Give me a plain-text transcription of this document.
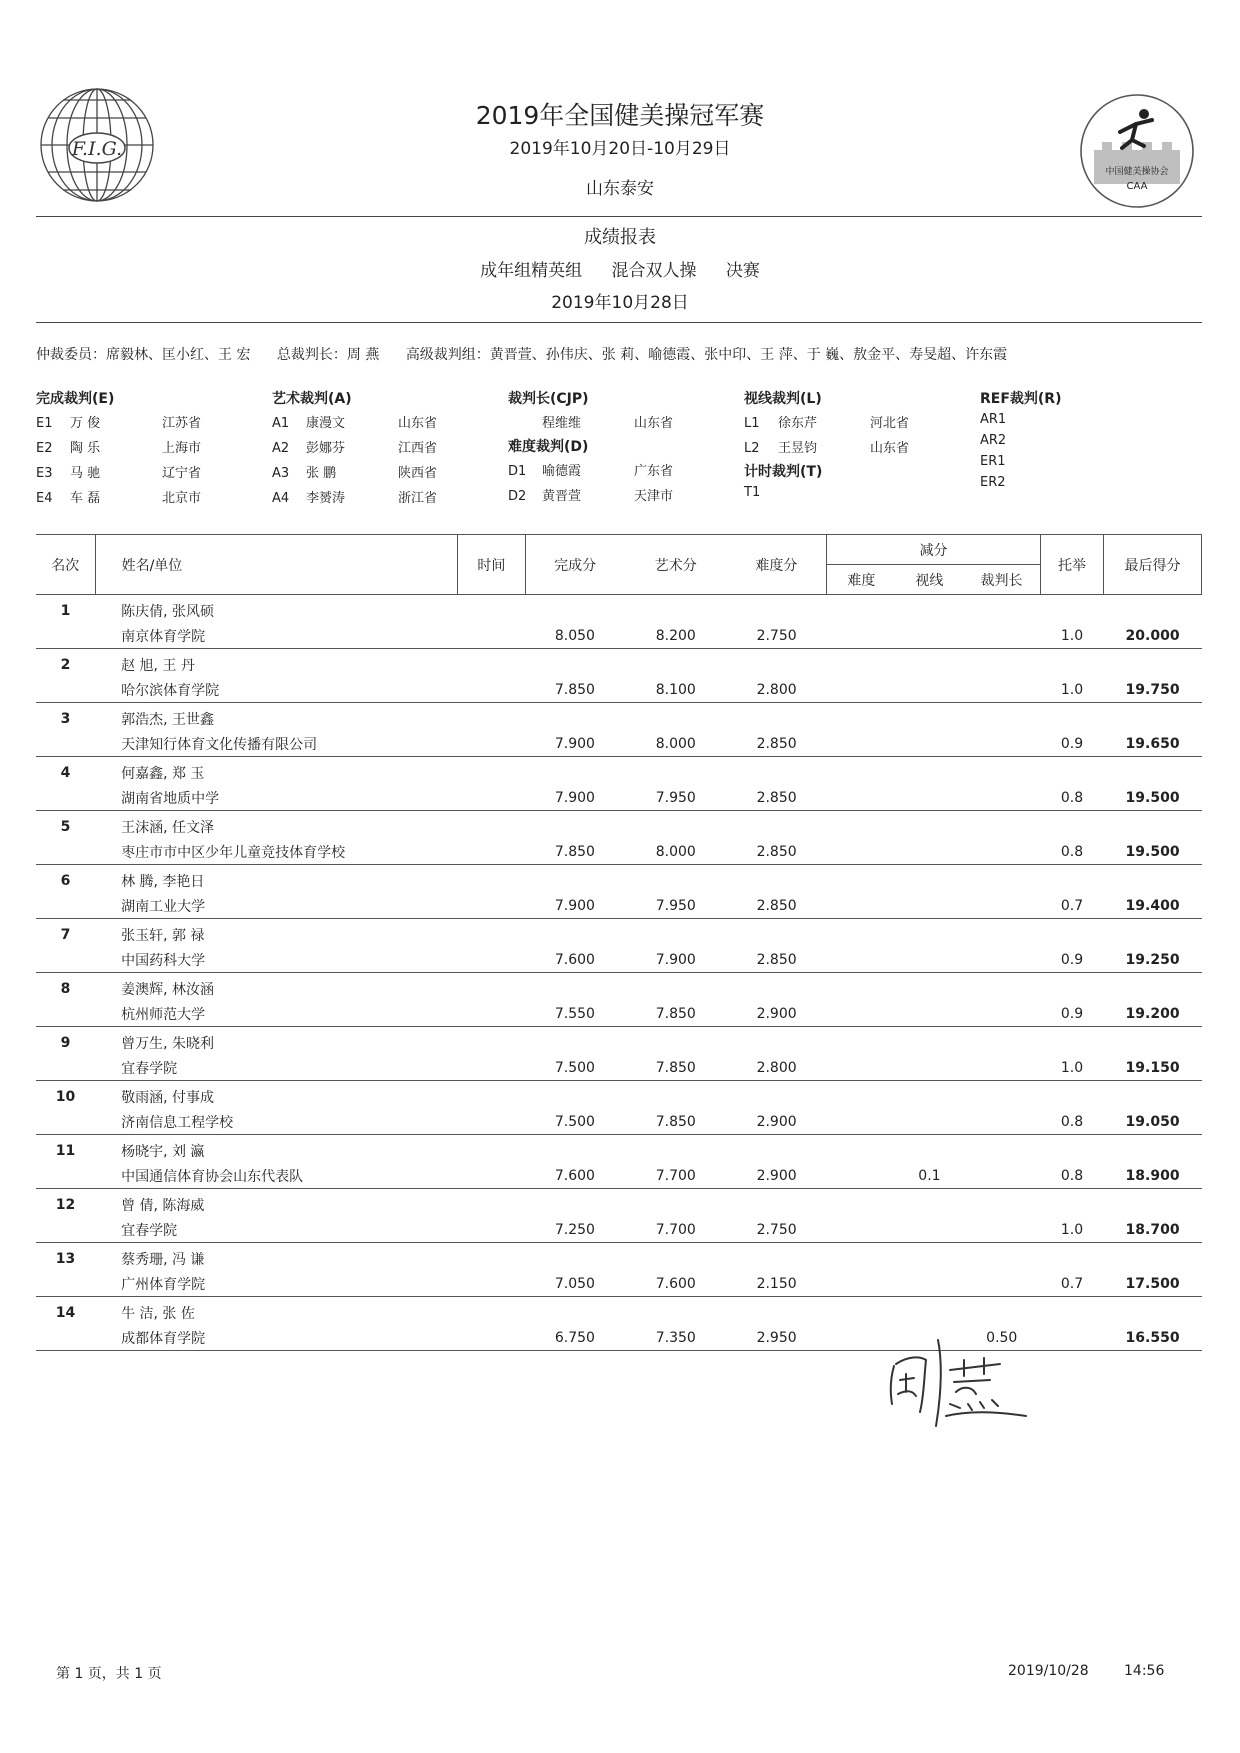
F.I.G.
中国健美操协会
CAA
2019年全国健美操冠军赛
2019年10月20日-10月29日
山东泰安
成绩报表
成年组精英组 混合双人操 决赛
2019年10月28日
仲裁委员：席毅林、匡小红、王 宏 总裁判长：周 燕 高级裁判组：黄晋萱、孙伟庆、张 莉、喻德霞、张中印、王 萍、于 巍、敖金平、寿旻超、许东霞
完成裁判(E)
E1 万 俊	江苏省
E2 陶 乐	上海市
E3 马 驰	辽宁省
E4 车 磊	北京市
艺术裁判(A)
A1 康漫文	山东省
A2 彭娜芬	江西省
A3 张 鹏	陕西省
A4 李赟涛	浙江省
裁判长(CJP)
程维维	山东省
难度裁判(D)
D1 喻德霞	广东省
D2 黄晋萱	天津市
视线裁判(L)
L1 徐东芹	河北省
L2 王昱钧	山东省
计时裁判(T)
T1
REF裁判(R)
AR1
AR2
ER1
ER2
名次	姓名/单位	时间	完成分	艺术分	难度分	减分			托举	最后得分
						难度	视线	裁判长		
1	陈庆倩, 张风硕									
	南京体育学院		8.050	8.200	2.750				1.0	20.000
2	赵 旭, 王 丹									
	哈尔滨体育学院		7.850	8.100	2.800				1.0	19.750
3	郭浩杰, 王世鑫									
	天津知行体育文化传播有限公司		7.900	8.000	2.850				0.9	19.650
4	何嘉鑫, 郑 玉									
	湖南省地质中学		7.900	7.950	2.850				0.8	19.500
5	王沫涵, 任文泽									
	枣庄市市中区少年儿童竞技体育学校		7.850	8.000	2.850				0.8	19.500
6	林 腾, 李艳日									
	湖南工业大学		7.900	7.950	2.850				0.7	19.400
7	张玉轩, 郭 禄									
	中国药科大学		7.600	7.900	2.850				0.9	19.250
8	姜澳辉, 林汝涵									
	杭州师范大学		7.550	7.850	2.900				0.9	19.200
9	曾万生, 朱晓利									
	宜春学院		7.500	7.850	2.800				1.0	19.150
10	敬雨涵, 付事成									
	济南信息工程学校		7.500	7.850	2.900				0.8	19.050
11	杨晓宇, 刘 瀛									
	中国通信体育协会山东代表队		7.600	7.700	2.900		0.1		0.8	18.900
12	曾 倩, 陈海威									
	宜春学院		7.250	7.700	2.750				1.0	18.700
13	蔡秀珊, 冯 谦									
	广州体育学院		7.050	7.600	2.150				0.7	17.500
14	牛 洁, 张 佐									
	成都体育学院		6.750	7.350	2.950			0.50		16.550
周燕
第 1 页，共 1 页	2019/10/28	14:56
